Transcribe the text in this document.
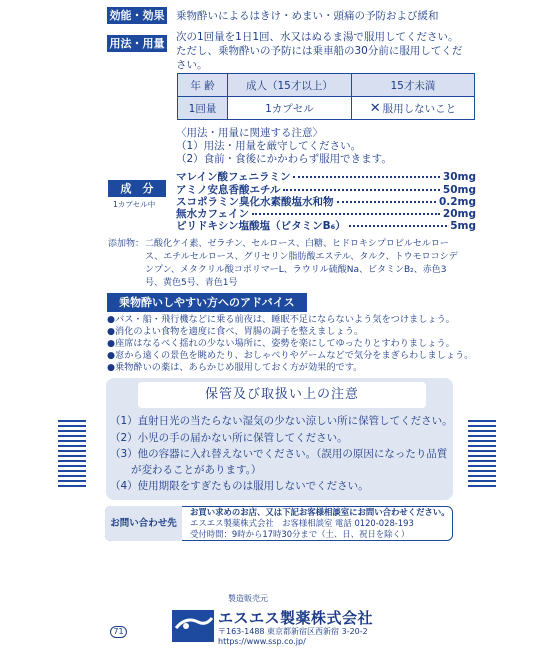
効能・効果 乗物酔いによるはきけ・めまい・頭痛の予防および緩和
用法・用量 次の1回量を1日1回、水又はぬるま湯で服用してください。
ただし、乗物酔いの予防には乗車船の30分前に服用してくだ
さい。
年 齢	成人（15才以上）	15才未満
1回量	1カプセル	✕ 服用しないこと
〈用法・用量に関連する注意〉
（1）用法・用量を厳守してください。
（2）食前・食後にかかわらず服用できます。
成　分
1カプセル中
マレイン酸フェニラミン	30mg
アミノ安息香酸エチル	50mg
スコポラミン臭化水素酸塩水和物	0.2mg
無水カフェイン	20mg
ピリドキシン塩酸塩（ビタミンB₆）	5mg
添加物： 二酸化ケイ素、ゼラチン、セルロース、白糖、ヒドロキシプロピルセルロー
ス、エチルセルロース、グリセリン脂肪酸エステル、タルク、トウモロコシデ
ンプン、メタクリル酸コポリマーL、ラウリル硫酸Na、ビタミンB₂、赤色3
号、黄色5号、青色1号
乗物酔いしやすい方へのアドバイス
●バス・船・飛行機などに乗る前夜は、睡眠不足にならないよう気をつけましょう。
●消化のよい食物を適度に食べ、胃腸の調子を整えましょう。
●座席はなるべく揺れの少ない場所に、姿勢を楽にしてゆったりとすわりましょう。
●窓から遠くの景色を眺めたり、おしゃべりやゲームなどで気分をまぎらわしましょう。
●乗物酔いの薬は、あらかじめ服用しておく方が効果的です。
保管及び取扱い上の注意
（1）直射日光の当たらない湿気の少ない涼しい所に保管してください。
（2）小児の手の届かない所に保管してください。
（3）他の容器に入れ替えないでください。（誤用の原因になったり品質
　　が変わることがあります。）
（4）使用期限をすぎたものは服用しないでください。
お問い合わせ先
お買い求めのお店、又は下記お客様相談室にお問い合わせください。
エスエス製薬株式会社　お客様相談室 電話 0120-028-193
受付時間：9時から17時30分まで（土、日、祝日を除く）
製造販売元
エスエス製薬株式会社
〒163-1488 東京都新宿区西新宿 3-20-2
https://www.ssp.co.jp/
71
